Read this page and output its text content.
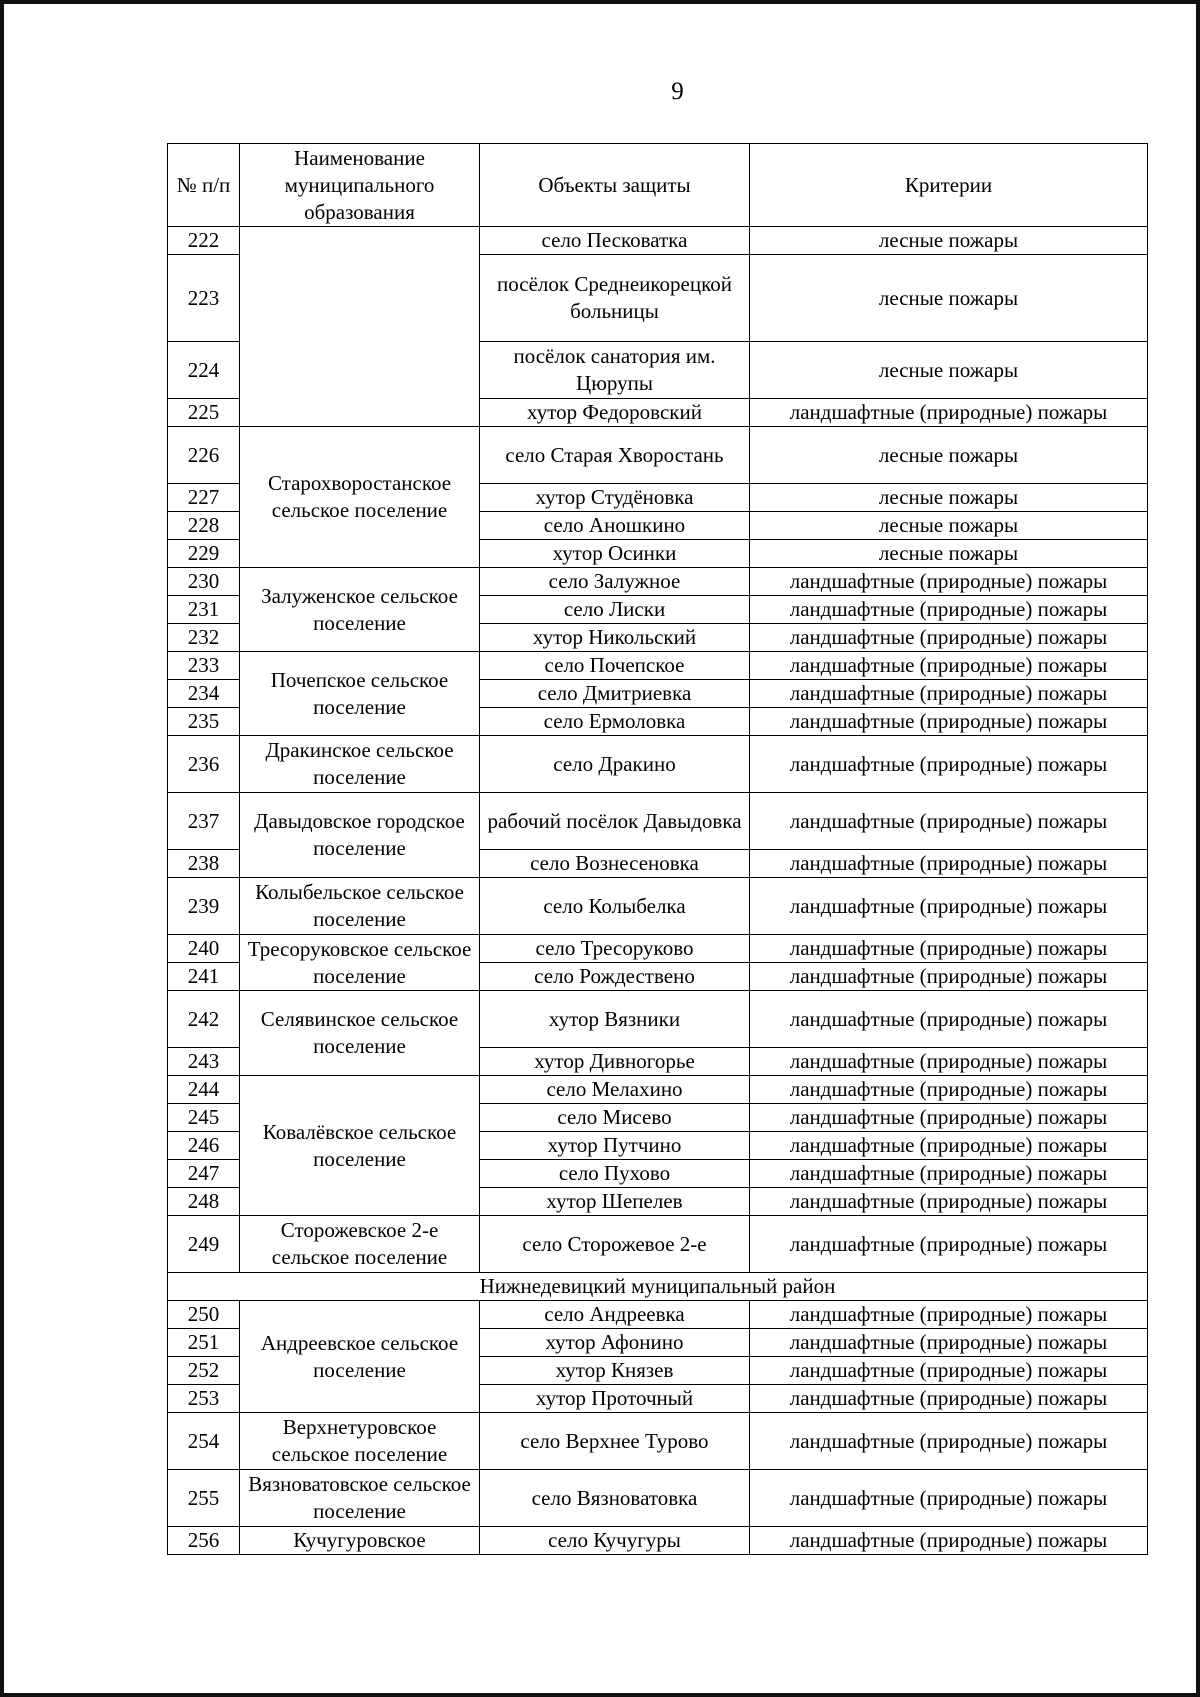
9
№ п/п	Наименование муниципального образования	Объекты защиты	Критерии
222		село Песковатка	лесные пожары
223		посёлок Среднеикорецкой больницы	лесные пожары
224		посёлок санатория им. Цюрупы	лесные пожары
225		хутор Федоровский	ландшафтные (природные) пожары
226	Старохворостанское сельское поселение	село Старая Хворостань	лесные пожары
227		хутор Студёновка	лесные пожары
228		село Аношкино	лесные пожары
229		хутор Осинки	лесные пожары
230	Залуженское сельское поселение	село Залужное	ландшафтные (природные) пожары
231		село Лиски	ландшафтные (природные) пожары
232		хутор Никольский	ландшафтные (природные) пожары
233	Почепское сельское поселение	село Почепское	ландшафтные (природные) пожары
234		село Дмитриевка	ландшафтные (природные) пожары
235		село Ермоловка	ландшафтные (природные) пожары
236	Дракинское сельское поселение	село Дракино	ландшафтные (природные) пожары
237	Давыдовское городское поселение	рабочий посёлок Давыдовка	ландшафтные (природные) пожары
238		село Вознесеновка	ландшафтные (природные) пожары
239	Колыбельское сельское поселение	село Колыбелка	ландшафтные (природные) пожары
240	Тресоруковское сельское поселение	село Тресоруково	ландшафтные (природные) пожары
241		село Рождествено	ландшафтные (природные) пожары
242	Селявинское сельское поселение	хутор Вязники	ландшафтные (природные) пожары
243		хутор Дивногорье	ландшафтные (природные) пожары
244	Ковалёвское сельское поселение	село Мелахино	ландшафтные (природные) пожары
245		село Мисево	ландшафтные (природные) пожары
246		хутор Путчино	ландшафтные (природные) пожары
247		село Пухово	ландшафтные (природные) пожары
248		хутор Шепелев	ландшафтные (природные) пожары
249	Сторожевское 2-е сельское поселение	село Сторожевое 2-е	ландшафтные (природные) пожары
Нижнедевицкий муниципальный район			
250	Андреевское сельское поселение	село Андреевка	ландшафтные (природные) пожары
251		хутор Афонино	ландшафтные (природные) пожары
252		хутор Князев	ландшафтные (природные) пожары
253		хутор Проточный	ландшафтные (природные) пожары
254	Верхнетуровское сельское поселение	село Верхнее Турово	ландшафтные (природные) пожары
255	Вязноватовское сельское поселение	село Вязноватовка	ландшафтные (природные) пожары
256	Кучугуровское	село Кучугуры	ландшафтные (природные) пожары
